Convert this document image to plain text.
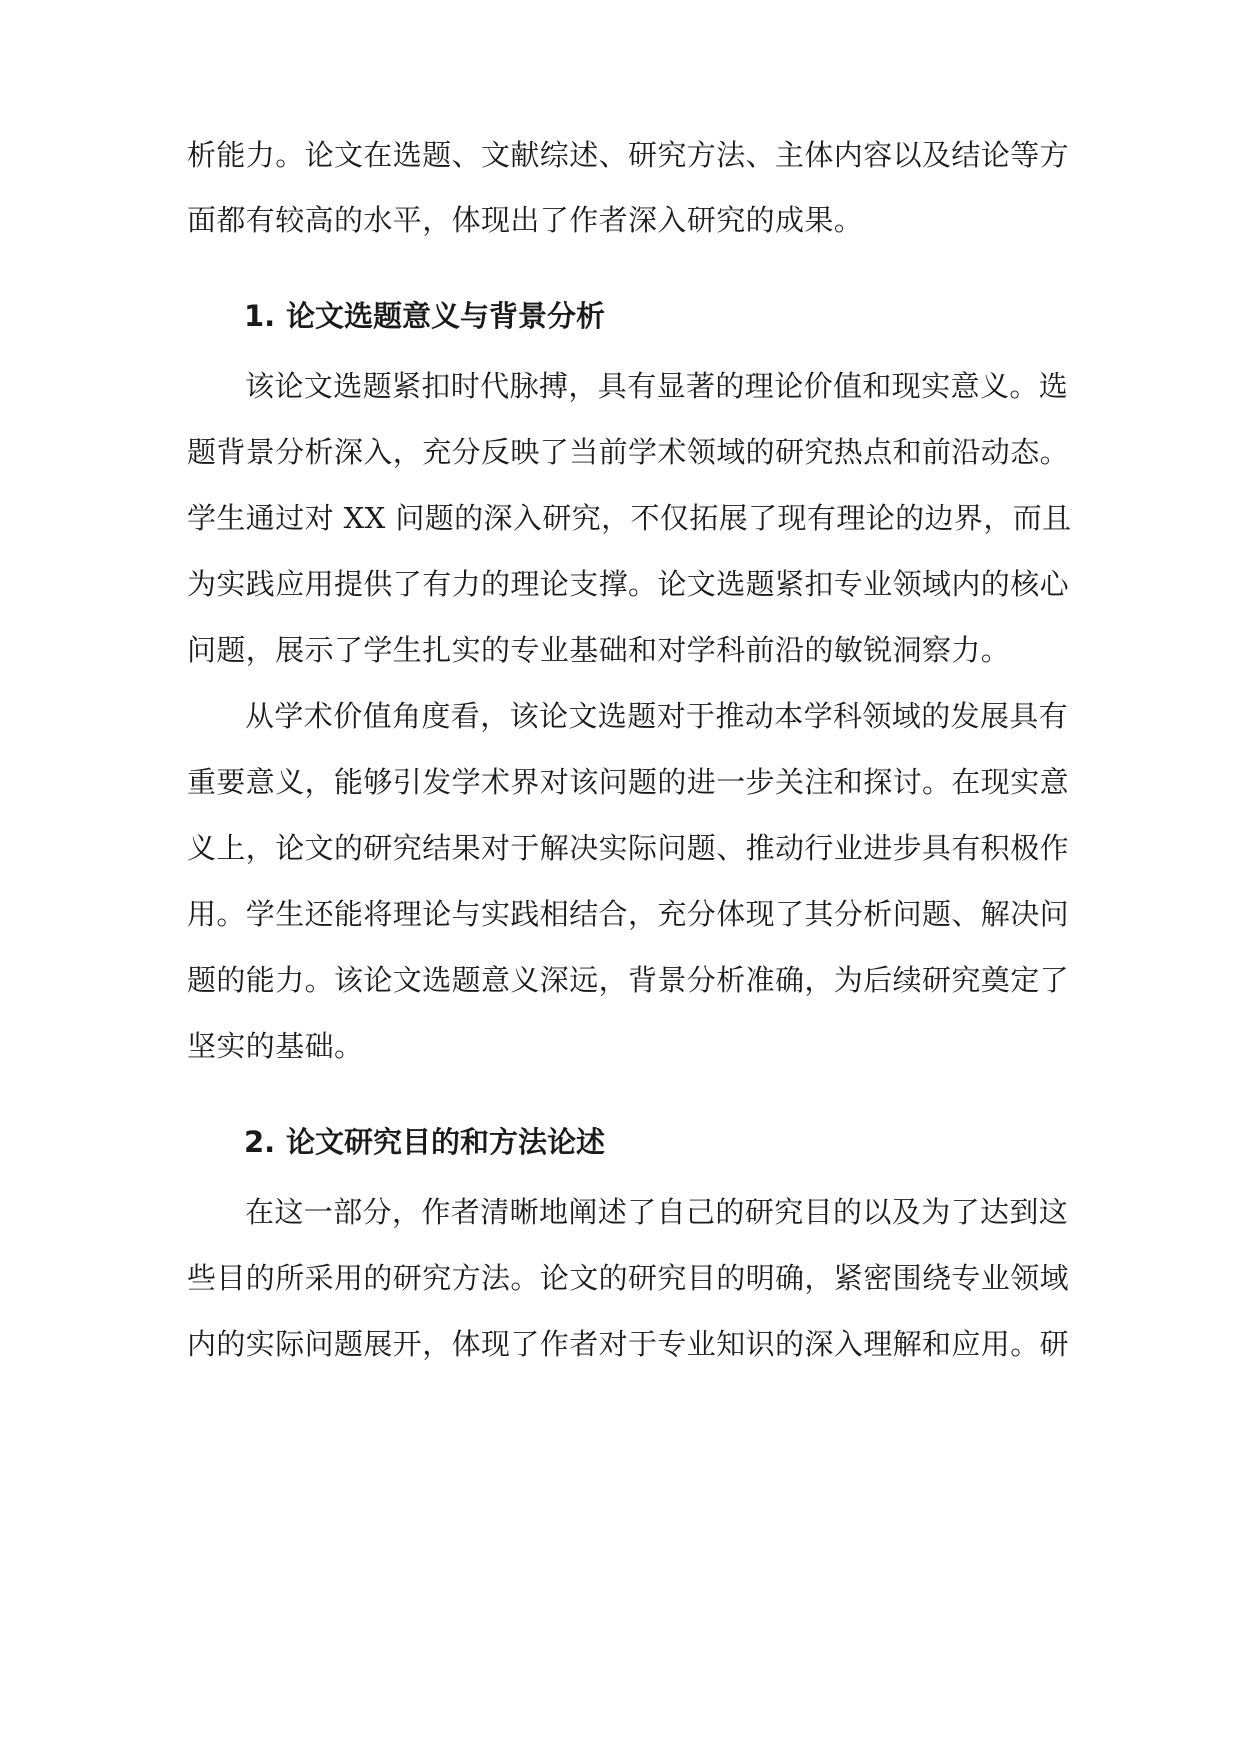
析能力。论文在选题、文献综述、研究方法、主体内容以及结论等方
面都有较高的水平，体现出了作者深入研究的成果。
1. 论文选题意义与背景分析
该论文选题紧扣时代脉搏，具有显著的理论价值和现实意义。选
题背景分析深入，充分反映了当前学术领域的研究热点和前沿动态。
学生通过对 XX 问题的深入研究，不仅拓展了现有理论的边界，而且
为实践应用提供了有力的理论支撑。论文选题紧扣专业领域内的核心
问题，展示了学生扎实的专业基础和对学科前沿的敏锐洞察力。
从学术价值角度看，该论文选题对于推动本学科领域的发展具有
重要意义，能够引发学术界对该问题的进一步关注和探讨。在现实意
义上，论文的研究结果对于解决实际问题、推动行业进步具有积极作
用。学生还能将理论与实践相结合，充分体现了其分析问题、解决问
题的能力。该论文选题意义深远，背景分析准确，为后续研究奠定了
坚实的基础。
2. 论文研究目的和方法论述
在这一部分，作者清晰地阐述了自己的研究目的以及为了达到这
些目的所采用的研究方法。论文的研究目的明确，紧密围绕专业领域
内的实际问题展开，体现了作者对于专业知识的深入理解和应用。研
